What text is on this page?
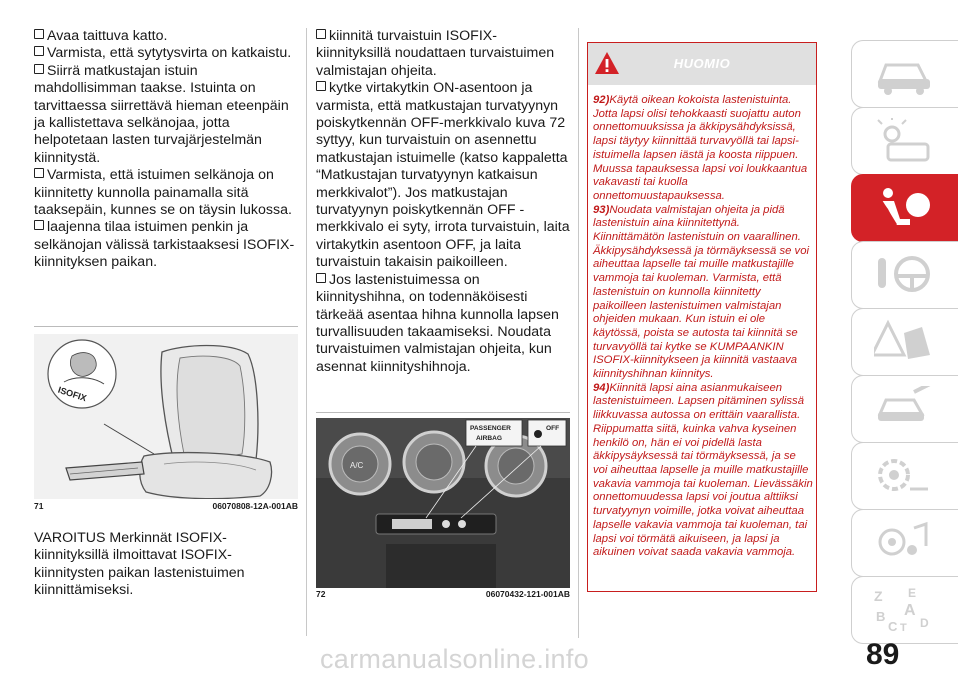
Avaa taittuva katto.

Varmista, että sytytysvirta on katkaistu.

Siirrä matkustajan istuin mahdollisimman taakse. Istuinta on tarvittaessa siirrettävä hieman eteenpäin ja kallistettava selkänojaa, jotta helpotetaan lasten turvajärjestelmän kiinnitystä.

Varmista, että istuimen selkänoja on kiinnitetty kunnolla painamalla sitä taaksepäin, kunnes se on täysin lukossa.

laajenna tilaa istuimen penkin ja selkänojan välissä tarkistaaksesi ISOFIX-kiinnityksen paikan.

ISOFIX
71	06070808-12A-001AB

VAROITUS Merkinnät ISOFIX-kiinnityksillä ilmoittavat ISOFIX-kiinnitysten paikan lastenistuimen kiinnittämiseksi.

kiinnitä turvaistuin ISOFIX-kiinnityksillä noudattaen turvaistuimen valmistajan ohjeita.

kytke virtakytkin ON-asentoon ja varmista, että matkustajan turvatyynyn poiskytkennän OFF-merkkivalo kuva 72 syttyy, kun turvaistuin on asennettu matkustajan istuimelle (katso kappaletta “Matkustajan turvatyynyn katkaisun merkkivalot”). Jos matkustajan turvatyynyn poiskytkennän OFF -merkkivalo ei syty, irrota turvaistuin, laita virtakytkin asentoon OFF, ja laita turvaistuin takaisin paikoilleen.

Jos lastenistuimessa on kiinnityshihna, on todennäköisesti tärkeää asentaa hihna kunnolla lapsen turvallisuuden takaamiseksi. Noudata turvaistuimen valmistajan ohjeita, kun asennat kiinnityshihnoja.

A/C
PASSENGER
AIRBAG
OFF
72	06070432-121-001AB
HUOMIO

92)Käytä oikean kokoista lastenistuinta. Jotta lapsi olisi tehokkaasti suojattu auton onnettomuuksissa ja äkkipysähdyksissä, lapsi täytyy kiinnittää turvavyöllä tai lapsi-istuimella lapsen iästä ja koosta riippuen. Muussa tapauksessa lapsi voi loukkaantua vakavasti tai kuolla onnettomuustapauksessa.

93)Noudata valmistajan ohjeita ja pidä lastenistuin aina kiinnitettynä. Kiinnittämätön lastenistuin on vaarallinen. Äkkipysähdyksessä ja törmäyksessä se voi aiheuttaa lapselle tai muille matkustajille vammoja tai kuoleman. Varmista, että lastenistuin on kunnolla kiinnitetty paikoilleen lastenistuimen valmistajan ohjeiden mukaan. Kun istuin ei ole käytössä, poista se autosta tai kiinnitä se turvavyöllä tai kytke se KUMPAANKIN ISOFIX-kiinnitykseen ja kiinnitä vastaava kiinnityshihnan kiinnitys.

94)Kiinnitä lapsi aina asianmukaiseen lastenistuimeen. Lapsen pitäminen sylissä liikkuvassa autossa on erittäin vaarallista. Riippumatta siitä, kuinka vahva kyseinen henkilö on, hän ei voi pidellä lasta äkkipysäyksessä tai törmäyksessä, ja se voi aiheuttaa lapselle ja muille matkustajille vakavia vammoja tai kuoleman. Lievässäkin onnettomuudessa lapsi voi joutua alttiiksi turvatyynyn voimille, jotka voivat aiheuttaa lapselle vakavia vammoja tai kuoleman, tai lapsi voi törmätä aikuiseen, ja lapsi ja aikuinen voivat saada vakavia vammoja.

Z E
A
B
C T D
89
carmanualsonline.info
